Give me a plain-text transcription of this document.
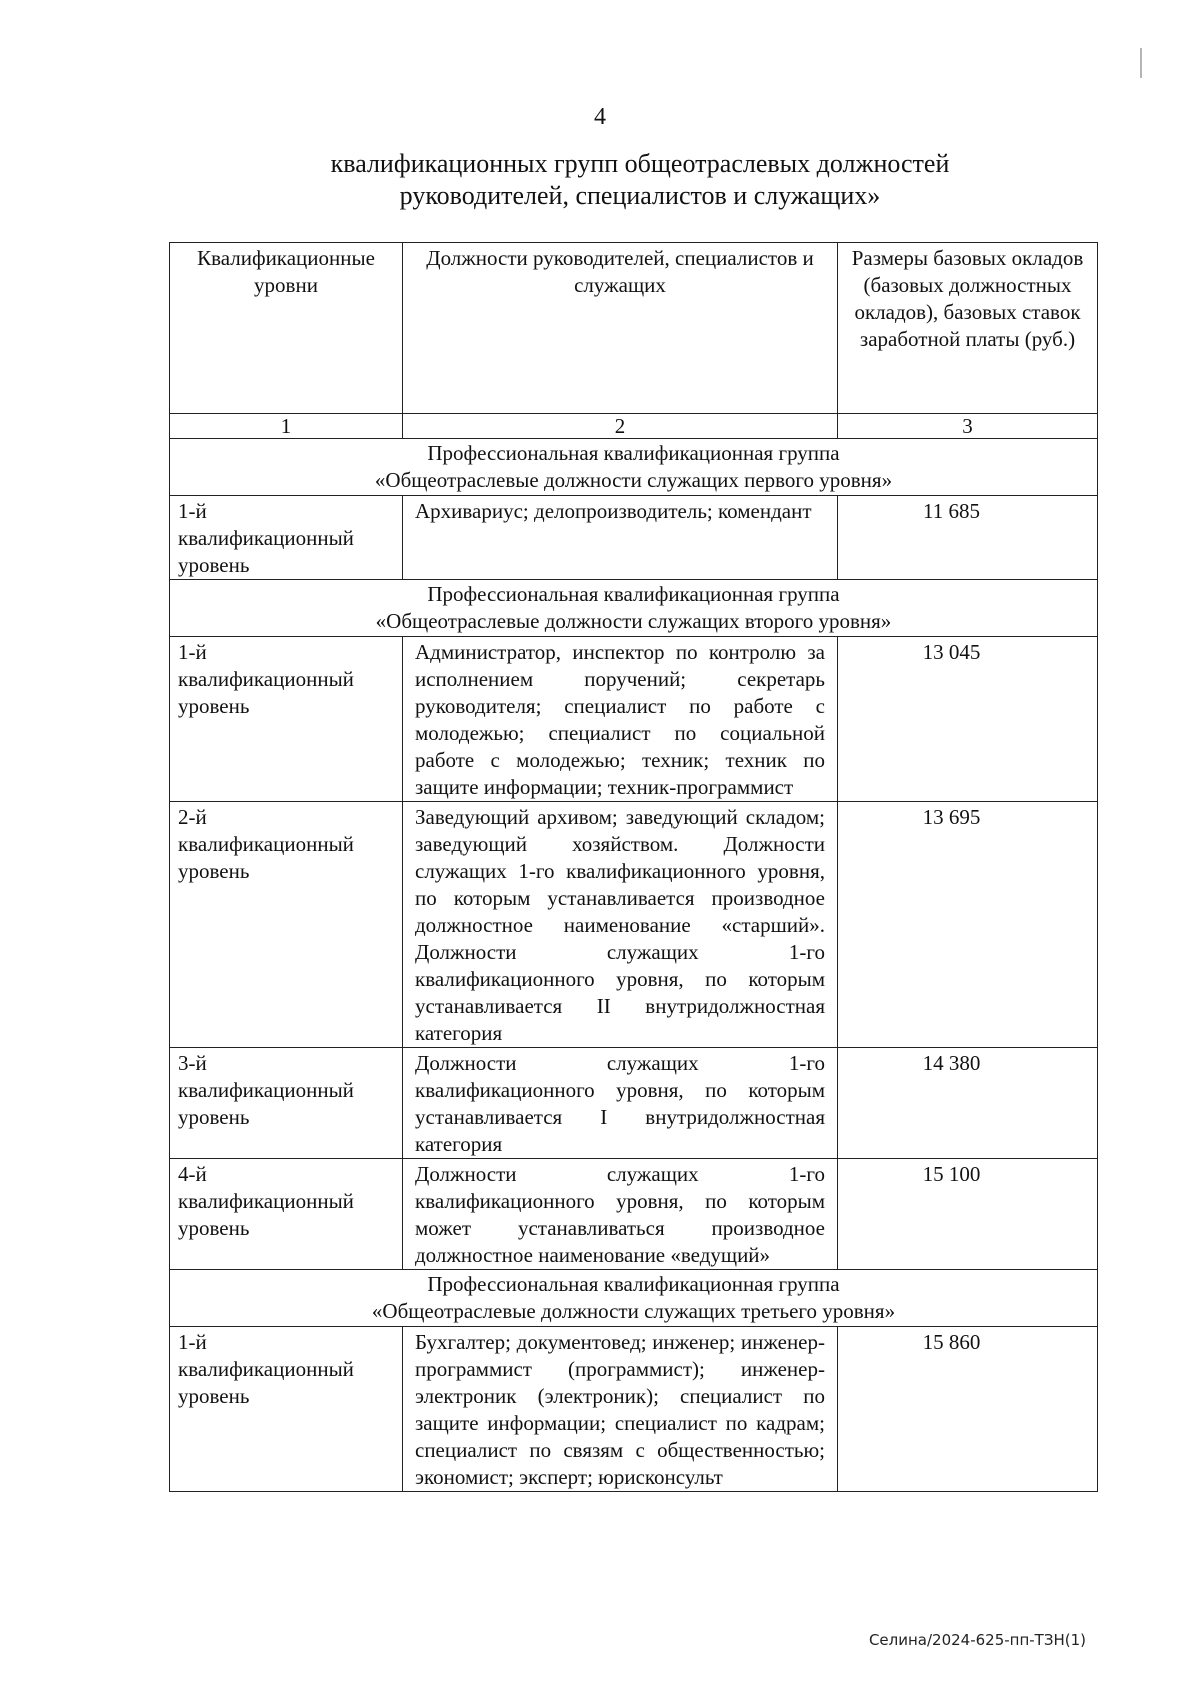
4
квалификационных групп общеотраслевых должностей
руководителей, специалистов и служащих»
Квалификационные уровни	Должности руководителей, специалистов и служащих	Размеры базовых окладов (базовых должностных окладов), базовых ставок заработной платы (руб.)
1	2	3

Профессиональная квалификационная группа
«Общеотраслевые должности служащих первого уровня»		

1-й квалификационный уровень	Архивариус; делопроизводитель; комендант	11 685

Профессиональная квалификационная группа
«Общеотраслевые должности служащих второго уровня»		

1-й квалификационный уровень	Администратор, инспектор по контролю за исполнением поручений; секретарь руководителя; специалист по работе с молодежью; специалист по социальной работе с молодежью; техник; техник по защите информации; техник-программист	13 045
2-й квалификационный уровень	Заведующий архивом; заведующий складом; заведующий хозяйством. Должности служащих 1-го квалификационного уровня, по которым устанавливается производное должностное наименование «старший». Должности служащих 1-го квалификационного уровня, по которым устанавливается II внутридолжностная категория	13 695
3-й квалификационный уровень	Должности служащих 1-го квалификационного уровня, по которым устанавливается I внутридолжностная категория	14 380
4-й квалификационный уровень	Должности служащих 1-го квалификационного уровня, по которым может устанавливаться производное должностное наименование «ведущий»	15 100

Профессиональная квалификационная группа
«Общеотраслевые должности служащих третьего уровня»		

1-й квалификационный уровень	Бухгалтер; документовед; инженер; инженер-программист (программист); инженер-электроник (электроник); специалист по защите информации; специалист по кадрам; специалист по связям с общественностью; экономист; эксперт; юрисконсульт	15 860
Селина/2024-625-пп-ТЗН(1)
